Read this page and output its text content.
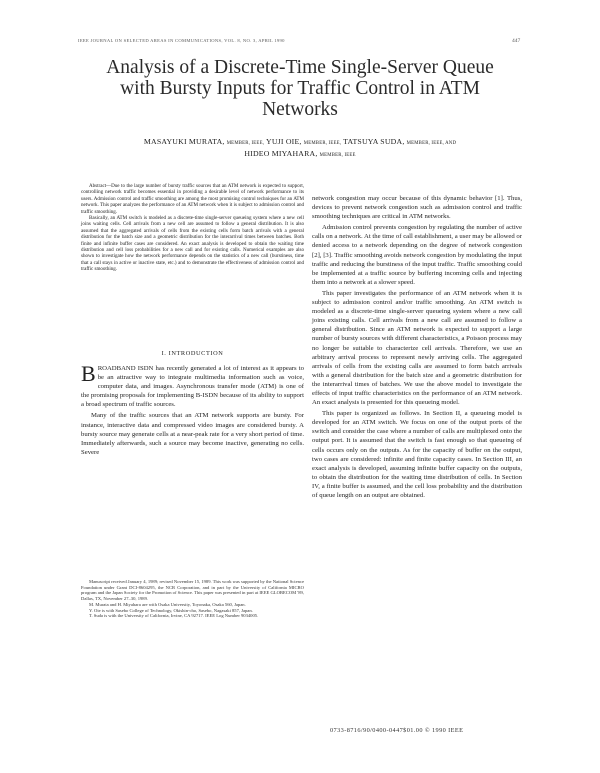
IEEE JOURNAL ON SELECTED AREAS IN COMMUNICATIONS, VOL. 8, NO. 3, APRIL 1990	447
Analysis of a Discrete-Time Single-Server Queue
with Bursty Inputs for Traffic Control in ATM
Networks
MASAYUKI MURATA, MEMBER, IEEE, YUJI OIE, MEMBER, IEEE, TATSUYA SUDA, MEMBER, IEEE, AND
HIDEO MIYAHARA, MEMBER, IEEE

Abstract—Due to the large number of bursty traffic sources that an ATM network is expected to support, controlling network traffic becomes essential in providing a desirable level of network performance to its users. Admission control and traffic smoothing are among the most promising control techniques for an ATM network. This paper analyzes the performance of an ATM network when it is subject to admission control and traffic smoothing.

Basically, an ATM switch is modeled as a discrete-time single-server queueing system where a new cell joins waiting cells. Cell arrivals from a new cell are assumed to follow a general distribution. It is also assumed that the aggregated arrivals of cells from the existing cells form batch arrivals with a general distribution for the batch size and a geometric distribution for the interarrival times between batches. Both finite and infinite buffer cases are considered. An exact analysis is developed to obtain the waiting time distribution and cell loss probabilities for a new call and for existing calls. Numerical examples are also shown to investigate how the network performance depends on the statistics of a new call (burstiness, time that a call stays in active or inactive state, etc.) and to demonstrate the effectiveness of admission control and traffic smoothing.

I. INTRODUCTION

BROADBAND ISDN has recently generated a lot of interest as it appears to be an attractive way to integrate multimedia information such as voice, computer data, and images. Asynchronous transfer mode (ATM) is one of the promising proposals for implementing B-ISDN because of its ability to support a broad spectrum of traffic sources.

Many of the traffic sources that an ATM network supports are bursty. For instance, interactive data and compressed video images are considered bursty. A bursty source may generate cells at a near-peak rate for a very short period of time. Immediately afterwards, such a source may become inactive, generating no cells. Severe

Manuscript received January 4, 1989; revised November 15, 1989. This work was supported by the National Science Foundation under Grant DCI-8604295, the NCR Corporation, and in part by the University of California MICRO program and the Japan Society for the Promotion of Science. This paper was presented in part at IEEE GLOBECOM '89, Dallas, TX, November 27–30, 1989.

M. Murata and H. Miyahara are with Osaka University, Toyonaka, Osaka 560, Japan.

Y. Oie is with Sasebo College of Technology, Okishin-cho, Sasebo, Nagasaki 857, Japan.

T. Suda is with the University of California, Irvine, CA 92717. IEEE Log Number 9034005.

network congestion may occur because of this dynamic behavior [1]. Thus, devices to prevent network congestion such as admission control and traffic smoothing techniques are critical in ATM networks.

Admission control prevents congestion by regulating the number of active calls on a network. At the time of call establishment, a user may be allowed or denied access to a network depending on the degree of network congestion [2], [3]. Traffic smoothing avoids network congestion by modulating the input traffic and reducing the burstiness of the input traffic. Traffic smoothing could be implemented at a traffic source by buffering incoming cells and injecting them into a network at a slower speed.

This paper investigates the performance of an ATM network when it is subject to admission control and/or traffic smoothing. An ATM switch is modeled as a discrete-time single-server queueing system where a new call joins existing calls. Cell arrivals from a new call are assumed to follow a general distribution. Since an ATM network is expected to support a large number of bursty sources with different characteristics, a Poisson process may no longer be suitable to characterize cell arrivals. Therefore, we use an arbitrary arrival process to represent newly arriving cells. The aggregated arrivals of cells from the existing calls are assumed to form batch arrivals with a general distribution for the batch size and a geometric distribution for the interarrival times of batches. We use the above model to investigate the effects of input traffic characteristics on the performance of an ATM network. An exact analysis is presented for this queueing model.

This paper is organized as follows. In Section II, a queueing model is developed for an ATM switch. We focus on one of the output ports of the switch and consider the case where a number of calls are multiplexed onto the output port. It is assumed that the switch is fast enough so that queueing of cells occurs only on the outputs. As for the capacity of buffer on the output, two cases are considered: infinite and finite capacity cases. In Section III, an exact analysis is developed, assuming infinite buffer capacity on the outputs, to obtain the distribution for the waiting time distribution of cells. In Section IV, a finite buffer is assumed, and the cell loss probability and the distribution of queue length on an output are obtained.

0733-8716/90/0400-0447$01.00 © 1990 IEEE
